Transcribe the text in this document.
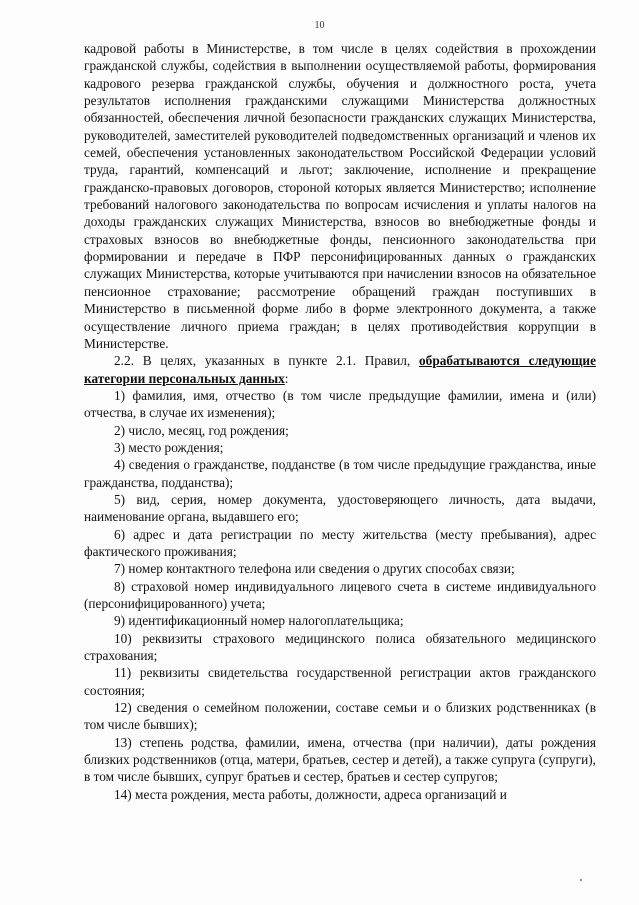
10

кадровой работы в Министерстве, в том числе в целях содействия в прохождении гражданской службы, содействия в выполнении осуществляемой работы, формирования кадрового резерва гражданской службы, обучения и должностного роста, учета результатов исполнения гражданскими служащими Министерства должностных обязанностей, обеспечения личной безопасности гражданских служащих Министерства, руководителей, заместителей руководителей подведомственных организаций и членов их семей, обеспечения установленных законодательством Российской Федерации условий труда, гарантий, компенсаций и льгот; заключение, исполнение и прекращение гражданско-правовых договоров, стороной которых является Министерство; исполнение требований налогового законодательства по вопросам исчисления и уплаты налогов на доходы гражданских служащих Министерства, взносов во внебюджетные фонды и страховых взносов во внебюджетные фонды, пенсионного законодательства при формировании и передаче в ПФР персонифицированных данных о гражданских служащих Министерства, которые учитываются при начислении взносов на обязательное пенсионное страхование; рассмотрение обращений граждан поступивших в Министерство в письменной форме либо в форме электронного документа, а также осуществление личного приема граждан; в целях противодействия коррупции в Министерстве.

2.2. В целях, указанных в пункте 2.1. Правил, обрабатываются следующие категории персональных данных:

1) фамилия, имя, отчество (в том числе предыдущие фамилии, имена и (или) отчества, в случае их изменения);

2) число, месяц, год рождения;

3) место рождения;

4) сведения о гражданстве, подданстве (в том числе предыдущие гражданства, иные гражданства, подданства);

5) вид, серия, номер документа, удостоверяющего личность, дата выдачи, наименование органа, выдавшего его;

6) адрес и дата регистрации по месту жительства (месту пребывания), адрес фактического проживания;

7) номер контактного телефона или сведения о других способах связи;

8) страховой номер индивидуального лицевого счета в системе индивидуального (персонифицированного) учета;

9) идентификационный номер налогоплательщика;

10) реквизиты страхового медицинского полиса обязательного медицинского страхования;

11) реквизиты свидетельства государственной регистрации актов гражданского состояния;

12) сведения о семейном положении, составе семьи и о близких родственниках (в том числе бывших);

13) степень родства, фамилии, имена, отчества (при наличии), даты рождения близких родственников (отца, матери, братьев, сестер и детей), а также супруга (супруги), в том числе бывших, супруг братьев и сестер, братьев и сестер супругов;

14) места рождения, места работы, должности, адреса организаций и
